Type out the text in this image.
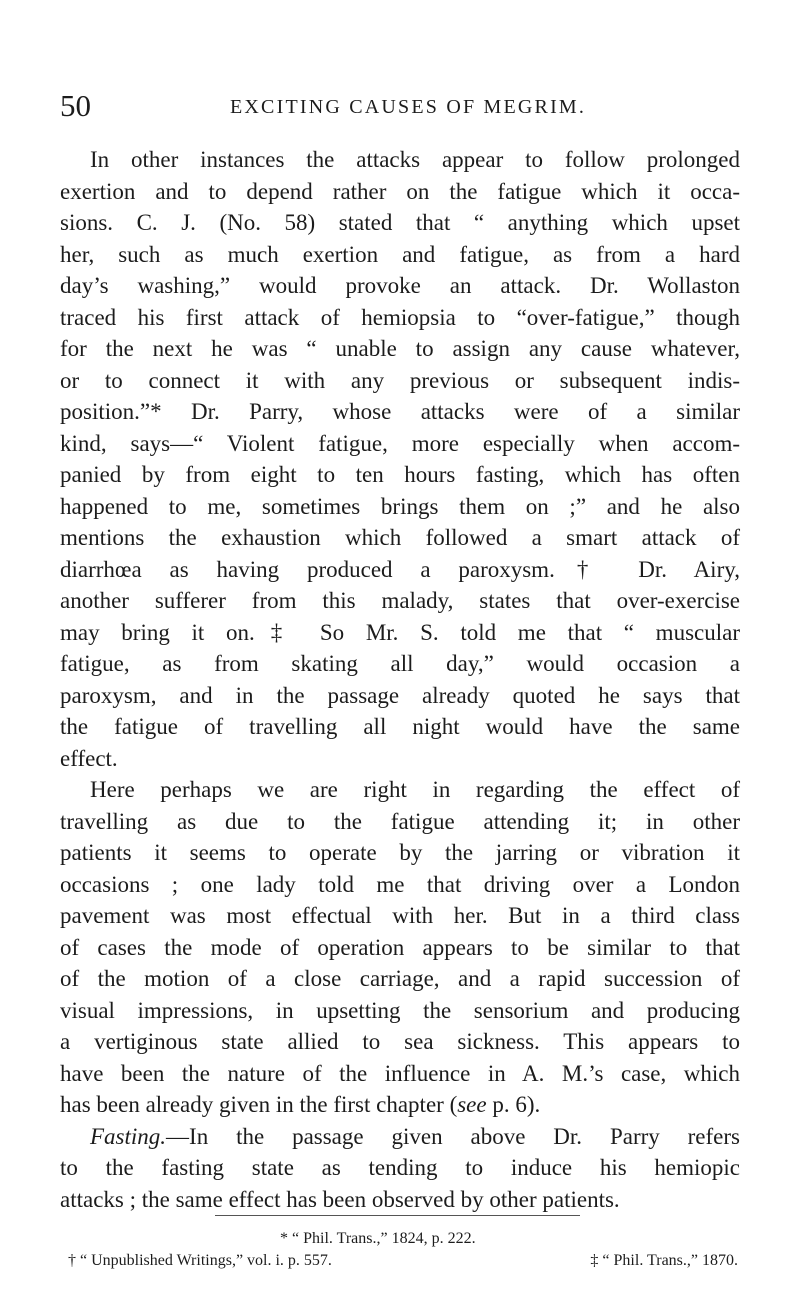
50	EXCITING CAUSES OF MEGRIM.
In other instances the attacks appear to follow prolonged
exertion and to depend rather on the fatigue which it occa-
sions. C. J. (No. 58) stated that “ anything which upset
her, such as much exertion and fatigue, as from a hard
day’s washing,” would provoke an attack. Dr. Wollaston
traced his first attack of hemiopsia to “over-fatigue,” though
for the next he was “ unable to assign any cause whatever,
or to connect it with any previous or subsequent indis-
position.”* Dr. Parry, whose attacks were of a similar
kind, says—“ Violent fatigue, more especially when accom-
panied by from eight to ten hours fasting, which has often
happened to me, sometimes brings them on ;” and he also
mentions the exhaustion which followed a smart attack of
diarrhœa as having produced a paroxysm.† Dr. Airy,
another sufferer from this malady, states that over-exercise
may bring it on.‡ So Mr. S. told me that “ muscular
fatigue, as from skating all day,” would occasion a
paroxysm, and in the passage already quoted he says that
the fatigue of travelling all night would have the same
effect.
Here perhaps we are right in regarding the effect of
travelling as due to the fatigue attending it; in other
patients it seems to operate by the jarring or vibration it
occasions ; one lady told me that driving over a London
pavement was most effectual with her. But in a third class
of cases the mode of operation appears to be similar to that
of the motion of a close carriage, and a rapid succession of
visual impressions, in upsetting the sensorium and producing
a vertiginous state allied to sea sickness. This appears to
have been the nature of the influence in A. M.’s case, which
has been already given in the first chapter (see p. 6).
Fasting.—In the passage given above Dr. Parry refers
to the fasting state as tending to induce his hemiopic
attacks ; the same effect has been observed by other patients.
* “ Phil. Trans.,” 1824, p. 222.
† “ Unpublished Writings,” vol. i. p. 557.	‡ “ Phil. Trans.,” 1870.
